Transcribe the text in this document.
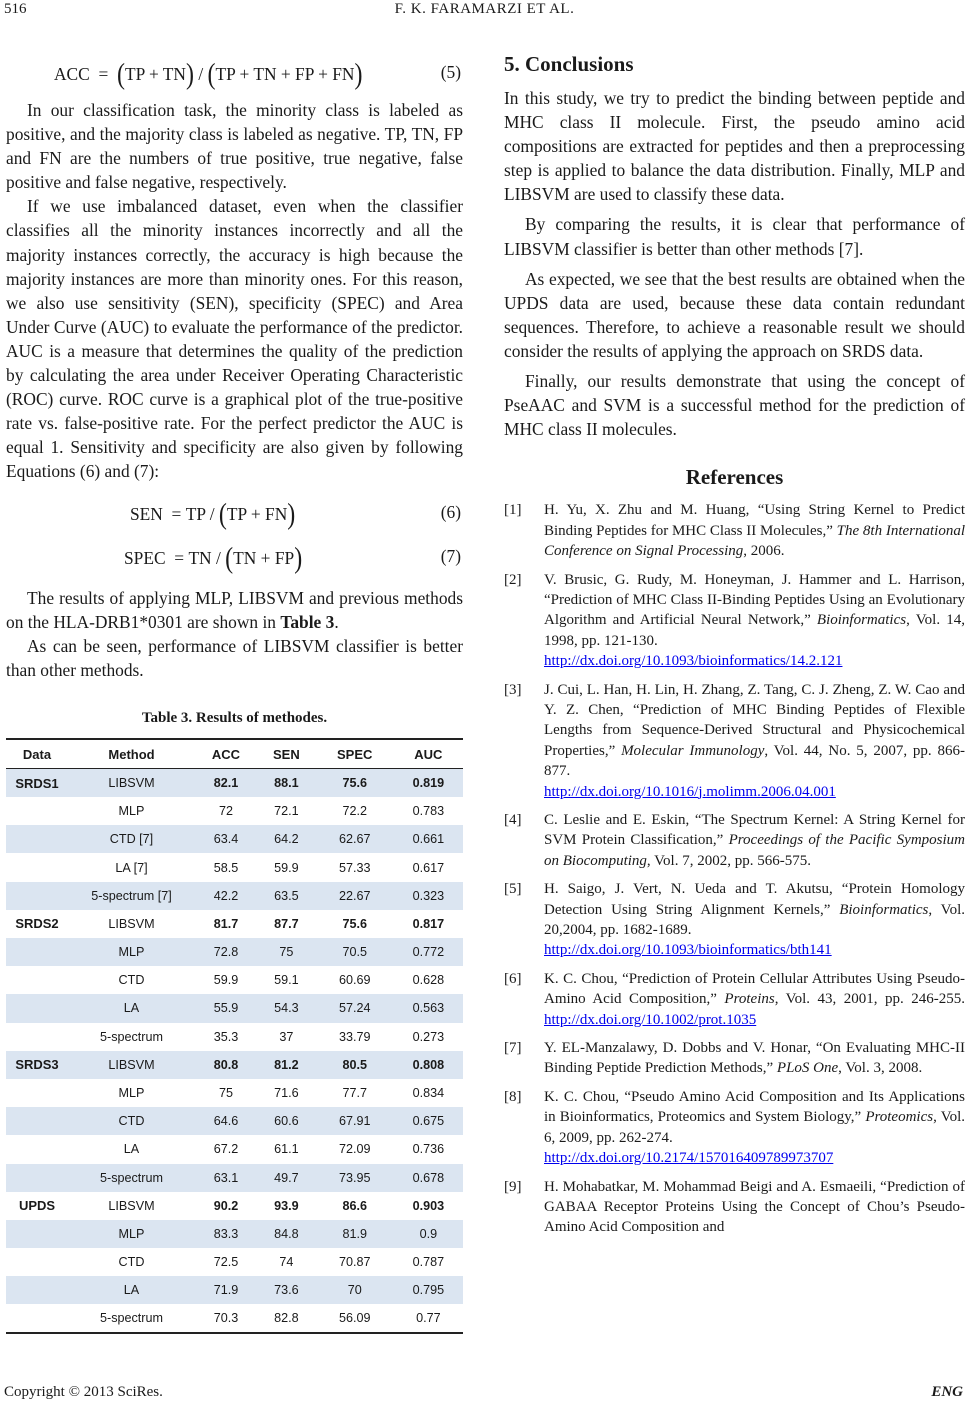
516	F. K. FARAMARZI ET AL.
ACC  =  (TP + TN) / (TP + TN + FP + FN)	(5)

In our classification task, the minority class is labeled as positive, and the majority class is labeled as negative. TP, TN, FP and FN are the numbers of true positive, true negative, false positive and false negative, respectively.

If we use imbalanced dataset, even when the classifier classifies all the minority instances incorrectly and all the majority instances correctly, the accuracy is high because the majority instances are more than minority ones. For this reason, we also use sensitivity (SEN), specificity (SPEC) and Area Under Curve (AUC) to evaluate the performance of the predictor. AUC is a measure that determines the quality of the prediction by calculating the area under Receiver Operating Characteristic (ROC) curve. ROC curve is a graphical plot of the true-positive rate vs. false-positive rate. For the perfect predictor the AUC is equal 1. Sensitivity and specificity are also given by following Equations (6) and (7):

SEN  = TP / (TP + FN)	(6)
SPEC  = TN / (TN + FP)	(7)

The results of applying MLP, LIBSVM and previous methods on the HLA-DRB1*0301 are shown in Table 3.

As can be seen, performance of LIBSVM classifier is better than other methods.

Table 3. Results of methodes.
Data	Method	ACC	SEN	SPEC	AUC
SRDS1	LIBSVM	82.1	88.1	75.6	0.819
	MLP	72	72.1	72.2	0.783
	CTD [7]	63.4	64.2	62.67	0.661
	LA [7]	58.5	59.9	57.33	0.617
	5-spectrum [7]	42.2	63.5	22.67	0.323
SRDS2	LIBSVM	81.7	87.7	75.6	0.817
	MLP	72.8	75	70.5	0.772
	CTD	59.9	59.1	60.69	0.628
	LA	55.9	54.3	57.24	0.563
	5-spectrum	35.3	37	33.79	0.273
SRDS3	LIBSVM	80.8	81.2	80.5	0.808
	MLP	75	71.6	77.7	0.834
	CTD	64.6	60.6	67.91	0.675
	LA	67.2	61.1	72.09	0.736
	5-spectrum	63.1	49.7	73.95	0.678
UPDS	LIBSVM	90.2	93.9	86.6	0.903
	MLP	83.3	84.8	81.9	0.9
	CTD	72.5	74	70.87	0.787
	LA	71.9	73.6	70	0.795
	5-spectrum	70.3	82.8	56.09	0.77
5. Conclusions

In this study, we try to predict the binding between peptide and MHC class II molecule. First, the pseudo amino acid compositions are extracted for peptides and then a preprocessing step is applied to balance the data distribution. Finally, MLP and LIBSVM are used to classify these data.

By comparing the results, it is clear that performance of LIBSVM classifier is better than other methods [7].

As expected, we see that the best results are obtained when the UPDS data are used, because these data contain redundant sequences. Therefore, to achieve a reasonable result we should consider the results of applying the approach on SRDS data.

Finally, our results demonstrate that using the concept of PseAAC and SVM is a successful method for the prediction of MHC class II molecules.

References
[1] H. Yu, X. Zhu and M. Huang, “Using String Kernel to Predict Binding Peptides for MHC Class II Molecules,” The 8th International Conference on Signal Processing, 2006.
[2] V. Brusic, G. Rudy, M. Honeyman, J. Hammer and L. Harrison, “Prediction of MHC Class II-Binding Peptides Using an Evolutionary Algorithm and Artificial Neural Network,” Bioinformatics, Vol. 14, 1998, pp. 121-130.
http://dx.doi.org/10.1093/bioinformatics/14.2.121
[3] J. Cui, L. Han, H. Lin, H. Zhang, Z. Tang, C. J. Zheng, Z. W. Cao and Y. Z. Chen, “Prediction of MHC Binding Peptides of Flexible Lengths from Sequence-Derived Structural and Physicochemical Properties,” Molecular Immunology, Vol. 44, No. 5, 2007, pp. 866-877.
http://dx.doi.org/10.1016/j.molimm.2006.04.001
[4] C. Leslie and E. Eskin, “The Spectrum Kernel: A String Kernel for SVM Protein Classification,” Proceedings of the Pacific Symposium on Biocomputing, Vol. 7, 2002, pp. 566-575.
[5] H. Saigo, J. Vert, N. Ueda and T. Akutsu, “Protein Homology Detection Using String Alignment Kernels,” Bioinformatics, Vol. 20,2004, pp. 1682-1689.
http://dx.doi.org/10.1093/bioinformatics/bth141
[6] K. C. Chou, “Prediction of Protein Cellular Attributes Using Pseudo-Amino Acid Composition,” Proteins, Vol. 43, 2001, pp. 246-255. http://dx.doi.org/10.1002/prot.1035
[7] Y. EL-Manzalawy, D. Dobbs and V. Honar, “On Evaluating MHC-II Binding Peptide Prediction Methods,” PLoS One, Vol. 3, 2008.
[8] K. C. Chou, “Pseudo Amino Acid Composition and Its Applications in Bioinformatics, Proteomics and System Biology,” Proteomics, Vol. 6, 2009, pp. 262-274.
http://dx.doi.org/10.2174/157016409789973707
[9] H. Mohabatkar, M. Mohammad Beigi and A. Esmaeili, “Prediction of GABAA Receptor Proteins Using the Concept of Chou’s Pseudo-Amino Acid Composition and
Copyright © 2013 SciRes.	ENG
